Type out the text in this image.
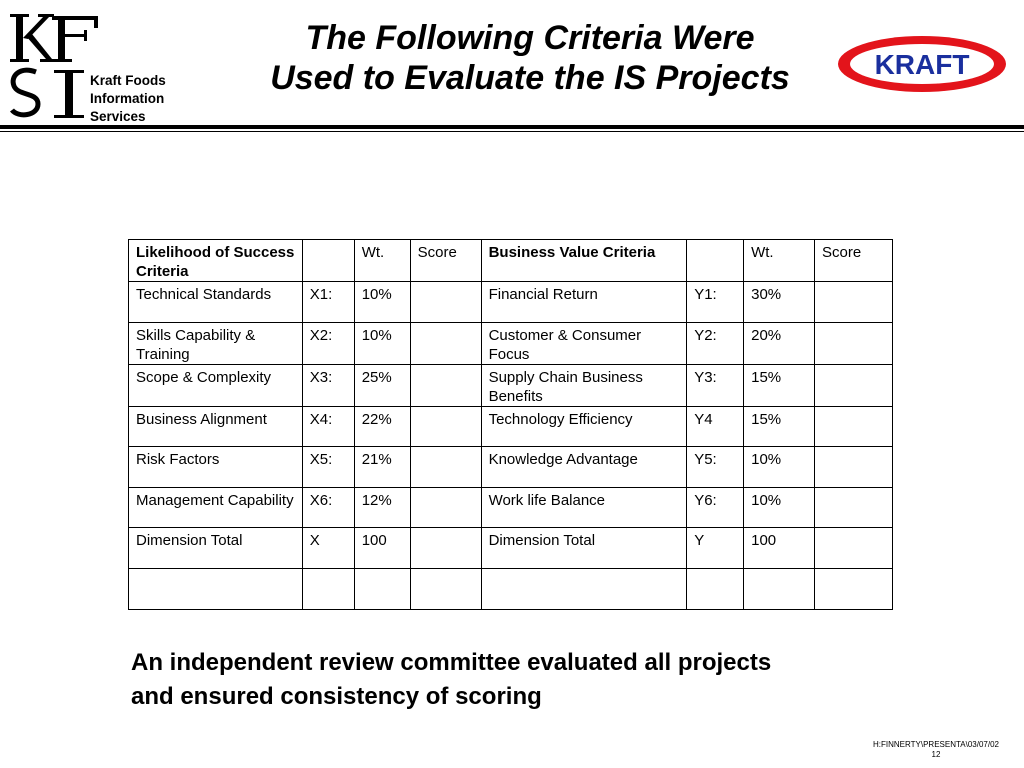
Kraft Foods
Information
Services
The Following Criteria Were
Used to Evaluate the IS Projects	KRAFT
Likelihood of Success Criteria		Wt.	Score	Business Value Criteria		Wt.	Score
Technical Standards	X1:	10%		Financial Return	Y1:	30%	
Skills Capability & Training	X2:	10%		Customer & Consumer Focus	Y2:	20%	
Scope & Complexity	X3:	25%		Supply Chain Business Benefits	Y3:	15%	
Business Alignment	X4:	22%		Technology Efficiency	Y4	15%	
Risk Factors	X5:	21%		Knowledge Advantage	Y5:	10%	
Management Capability	X6:	12%		Work life Balance	Y6:	10%	
Dimension Total	X	100		Dimension Total	Y	100	

An independent review committee evaluated all projects
and ensured consistency of scoring
H:FINNERTY\PRESENTA\03/07/02
12
